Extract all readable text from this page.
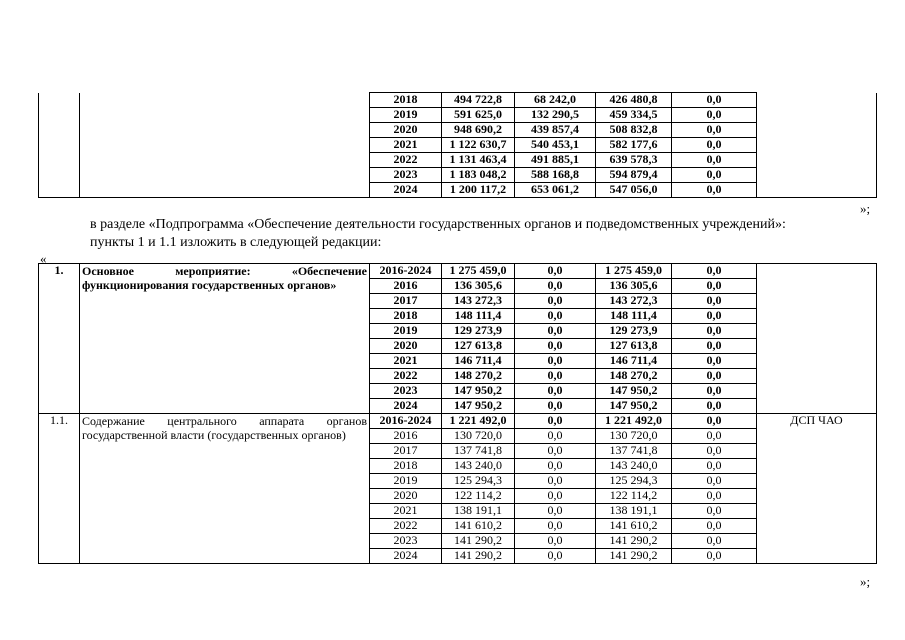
		2018	494 722,8	68 242,0	426 480,8	0,0	
		2019	591 625,0	132 290,5	459 334,5	0,0	
		2020	948 690,2	439 857,4	508 832,8	0,0	
		2021	1 122 630,7	540 453,1	582 177,6	0,0	
		2022	1 131 463,4	491 885,1	639 578,3	0,0	
		2023	1 183 048,2	588 168,8	594 879,4	0,0	
		2024	1 200 117,2	653 061,2	547 056,0	0,0	
»;
в разделе «Подпрограмма «Обеспечение деятельности государственных органов и подведомственных учреждений»:
пункты 1 и 1.1 изложить в следующей редакции:
«
1.	Основное мероприятие: «Обеспечение функционирования государственных органов»	2016-2024	1 275 459,0	0,0	1 275 459,0	0,0	
		2016	136 305,6	0,0	136 305,6	0,0	
		2017	143 272,3	0,0	143 272,3	0,0	
		2018	148 111,4	0,0	148 111,4	0,0	
		2019	129 273,9	0,0	129 273,9	0,0	
		2020	127 613,8	0,0	127 613,8	0,0	
		2021	146 711,4	0,0	146 711,4	0,0	
		2022	148 270,2	0,0	148 270,2	0,0	
		2023	147 950,2	0,0	147 950,2	0,0	
		2024	147 950,2	0,0	147 950,2	0,0	
1.1.	Содержание центрального аппарата органов государственной власти (государственных органов)	2016-2024	1 221 492,0	0,0	1 221 492,0	0,0	ДСП ЧАО
		2016	130 720,0	0,0	130 720,0	0,0	
		2017	137 741,8	0,0	137 741,8	0,0	
		2018	143 240,0	0,0	143 240,0	0,0	
		2019	125 294,3	0,0	125 294,3	0,0	
		2020	122 114,2	0,0	122 114,2	0,0	
		2021	138 191,1	0,0	138 191,1	0,0	
		2022	141 610,2	0,0	141 610,2	0,0	
		2023	141 290,2	0,0	141 290,2	0,0	
		2024	141 290,2	0,0	141 290,2	0,0	
»;
